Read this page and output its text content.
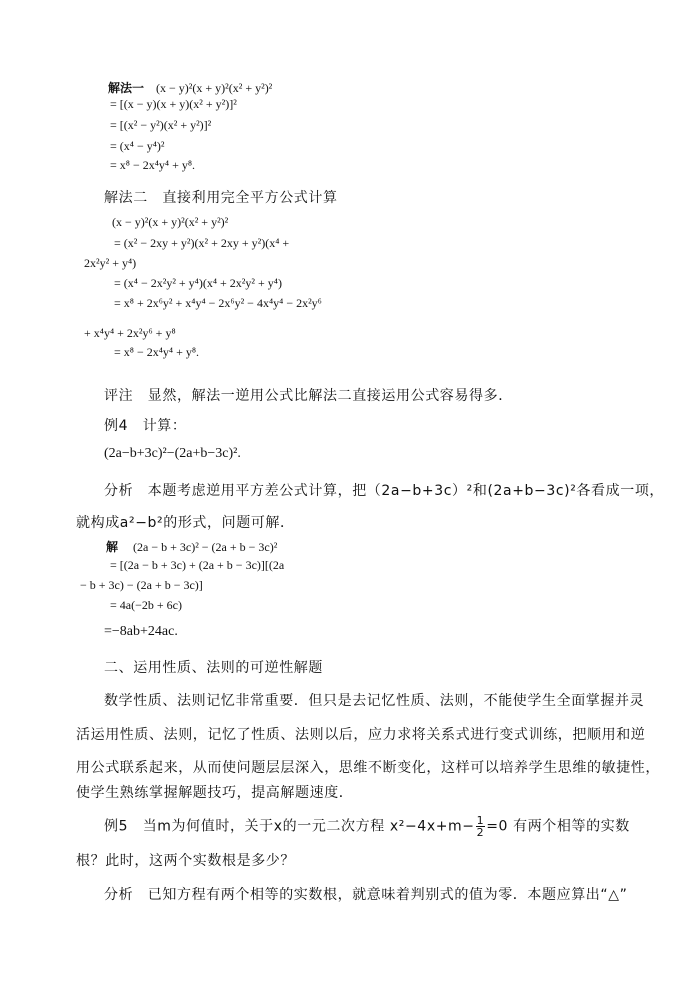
解法一 (x − y)²(x + y)²(x² + y²)²
= [(x − y)(x + y)(x² + y²)]²
= [(x² − y²)(x² + y²)]²
= (x⁴ − y⁴)²
= x⁸ − 2x⁴y⁴ + y⁸.
解法二　直接利用完全平方公式计算
(x − y)²(x + y)²(x² + y²)²
= (x² − 2xy + y²)(x² + 2xy + y²)(x⁴ +
2x²y² + y⁴)
= (x⁴ − 2x²y² + y⁴)(x⁴ + 2x²y² + y⁴)
= x⁸ + 2x⁶y² + x⁴y⁴ − 2x⁶y² − 4x⁴y⁴ − 2x²y⁶
+ x⁴y⁴ + 2x²y⁶ + y⁸
= x⁸ − 2x⁴y⁴ + y⁸.
评注　显然，解法一逆用公式比解法二直接运用公式容易得多．
例4　计算：
(2a−b+3c)²−(2a+b−3c)².
分析　本题考虑逆用平方差公式计算，把（2a−b+3c）²和(2a+b−3c)²各看成一项，
就构成a²−b²的形式，问题可解．
解 (2a − b + 3c)² − (2a + b − 3c)²
= [(2a − b + 3c) + (2a + b − 3c)][(2a
− b + 3c) − (2a + b − 3c)]
= 4a(−2b + 6c)
=−8ab+24ac.
二、运用性质、法则的可逆性解题
数学性质、法则记忆非常重要．但只是去记忆性质、法则，不能使学生全面掌握并灵
活运用性质、法则，记忆了性质、法则以后，应力求将关系式进行变式训练，把顺用和逆
用公式联系起来，从而使问题层层深入，思维不断变化，这样可以培养学生思维的敏捷性，
使学生熟练掌握解题技巧，提高解题速度．
例5　当m为何值时，关于x的一元二次方程 $x^2-4x+m- \frac{1}{2} =0$ 有两个相等的实数
根？此时，这两个实数根是多少？
分析　已知方程有两个相等的实数根，就意味着判别式的值为零．本题应算出“△”
